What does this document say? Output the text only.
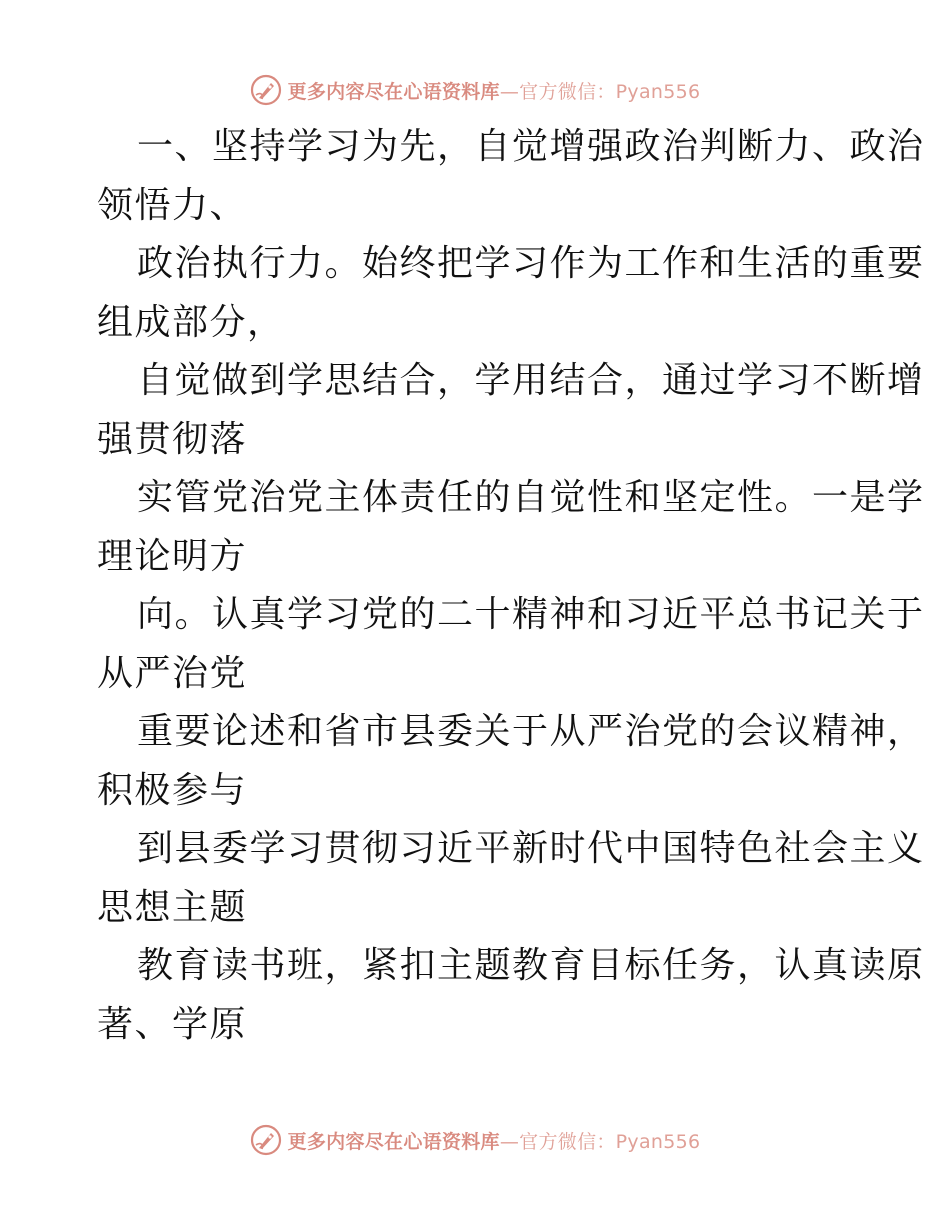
更多内容尽在心语资料库—官方微信：Pyan556
一、坚持学习为先，自觉增强政治判断力、政治
领悟力、
政治执行力。始终把学习作为工作和生活的重要
组成部分，
自觉做到学思结合，学用结合，通过学习不断增
强贯彻落
实管党治党主体责任的自觉性和坚定性。一是学
理论明方
向。认真学习党的二十精神和习近平总书记关于
从严治党
重要论述和省市县委关于从严治党的会议精神，
积极参与
到县委学习贯彻习近平新时代中国特色社会主义
思想主题
教育读书班，紧扣主题教育目标任务，认真读原
著、学原
更多内容尽在心语资料库—官方微信：Pyan556
